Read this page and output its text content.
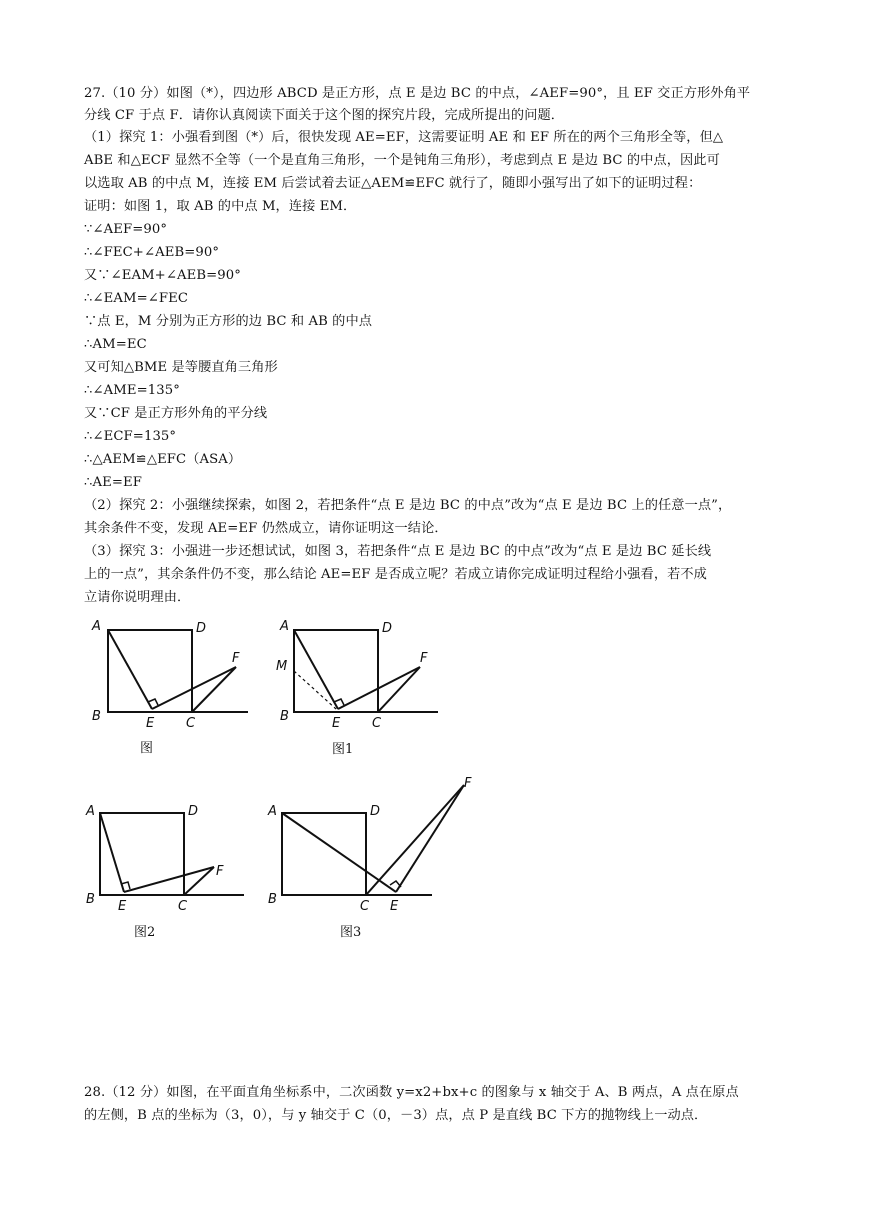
27.（10 分）如图（*），四边形 ABCD 是正方形，点 E 是边 BC 的中点，∠AEF=90°，且 EF 交正方形外角平
分线 CF 于点 F．请你认真阅读下面关于这个图的探究片段，完成所提出的问题．
（1）探究 1：小强看到图（*）后，很快发现 AE=EF，这需要证明 AE 和 EF 所在的两个三角形全等，但△
ABE 和△ECF 显然不全等（一个是直角三角形，一个是钝角三角形），考虑到点 E 是边 BC 的中点，因此可
以选取 AB 的中点 M，连接 EM 后尝试着去证△AEM≌EFC 就行了，随即小强写出了如下的证明过程：
证明：如图 1，取 AB 的中点 M，连接 EM．
∵∠AEF=90°
∴∠FEC+∠AEB=90°
又∵∠EAM+∠AEB=90°
∴∠EAM=∠FEC
∵点 E，M 分别为正方形的边 BC 和 AB 的中点
∴AM=EC
又可知△BME 是等腰直角三角形
∴∠AME=135°
又∵CF 是正方形外角的平分线
∴∠ECF=135°
∴△AEM≌△EFC（ASA）
∴AE=EF
（2）探究 2：小强继续探索，如图 2，若把条件“点 E 是边 BC 的中点”改为“点 E 是边 BC 上的任意一点”，
其余条件不变，发现 AE=EF 仍然成立，请你证明这一结论．
（3）探究 3：小强进一步还想试试，如图 3，若把条件“点 E 是边 BC 的中点”改为“点 E 是边 BC 延长线
上的一点”，其余条件仍不变，那么结论 AE=EF 是否成立呢？若成立请你完成证明过程给小强看，若不成
立请你说明理由．
A	D
F
B	E C
图
A	D
F
M
B	E C
图1
A	D
F
B E	C
图2
A	D
F
B	C E
图3
28.（12 分）如图，在平面直角坐标系中，二次函数 y=x2+bx+c 的图象与 x 轴交于 A、B 两点，A 点在原点
的左侧，B 点的坐标为（3，0），与 y 轴交于 C（0，－3）点，点 P 是直线 BC 下方的抛物线上一动点．
